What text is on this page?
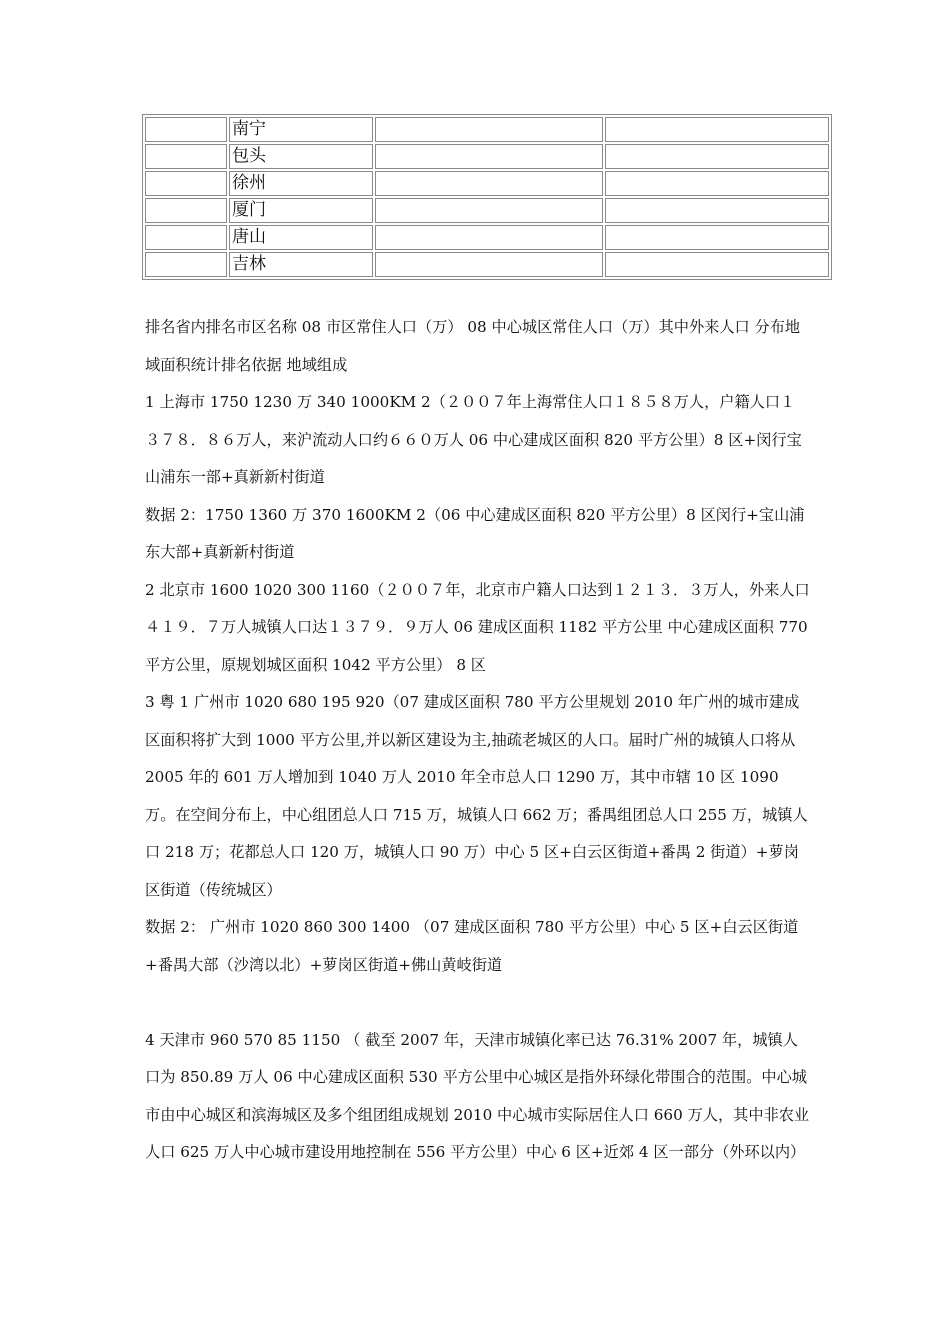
	南宁		
	包头		
	徐州		
	厦门		
	唐山		
	吉林		

排名省内排名市区名称 08 市区常住人口（万） 08 中心城区常住人口（万）其中外来人口 分布地域面积统计排名依据 地域组成

1 上海市 1750 1230 万 340 1000KM 2（２００７年上海常住人口１８５８万人，户籍人口１３７８．８６万人，来沪流动人口约６６０万人 06 中心建成区面积 820 平方公里）8 区+闵行宝山浦东一部+真新新村街道

数据 2：1750 1360 万 370 1600KM 2（06 中心建成区面积 820 平方公里）8 区闵行+宝山浦东大部+真新新村街道

2 北京市 1600 1020 300 1160（２００７年，北京市户籍人口达到１２１３．３万人，外来人口４１９．７万人城镇人口达１３７９．９万人 06 建成区面积 1182 平方公里 中心建成区面积 770 平方公里，原规划城区面积 1042 平方公里） 8 区

3 粤 1 广州市 1020 680 195 920（07 建成区面积 780 平方公里规划 2010 年广州的城市建成区面积将扩大到 1000 平方公里,并以新区建设为主,抽疏老城区的人口。届时广州的城镇人口将从 2005 年的 601 万人增加到 1040 万人 2010 年全市总人口 1290 万，其中市辖 10 区 1090 万。在空间分布上，中心组团总人口 715 万，城镇人口 662 万；番禺组团总人口 255 万，城镇人口 218 万；花都总人口 120 万，城镇人口 90 万）中心 5 区+白云区街道+番禺 2 街道）+萝岗区街道（传统城区）

数据 2： 广州市 1020 860 300 1400 （07 建成区面积 780 平方公里）中心 5 区+白云区街道+番禺大部（沙湾以北）+萝岗区街道+佛山黄岐街道

4 天津市 960 570 85 1150 （ 截至 2007 年，天津市城镇化率已达 76.31% 2007 年，城镇人口为 850.89 万人 06 中心建成区面积 530 平方公里中心城区是指外环绿化带围合的范围。中心城市由中心城区和滨海城区及多个组团组成规划 2010 中心城市实际居住人口 660 万人，其中非农业人口 625 万人中心城市建设用地控制在 556 平方公里）中心 6 区+近郊 4 区一部分（外环以内）
